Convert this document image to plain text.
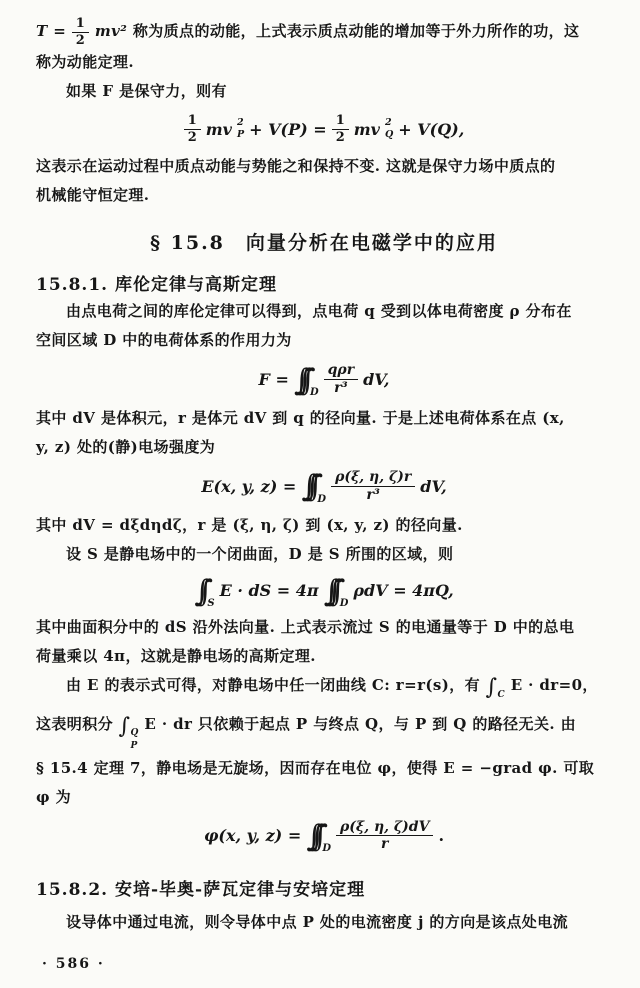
$T = \frac{1}{2} mv^2$ 称为质点的动能，上式表示质点动能的增加等于外力所作的功，这
称为动能定理.
如果 F 是保守力，则有

$\frac{1}{2}$ mv 2
$P + V(P) = \frac{1}{2}$ mv 2
Q + V(Q),

这表示在运动过程中质点动能与势能之和保持不变. 这就是保守力场中质点的
机械能守恒定理.

§ 15.8　向量分析在电磁学中的应用
15.8.1. 库伦定律与高斯定理

由点电荷之间的库伦定律可以得到，点电荷 q 受到以体电荷密度 ρ 分布在
空间区域 D 中的电荷体系的作用力为

F = ∫∫∫ D $\frac{\text{qρr}}{\text{r³}}$ dV,

其中 dV 是体积元，r 是体元 dV 到 q 的径向量. 于是上述电荷体系在点 (x,
y, z) 处的(静)电场强度为

E(x, y, z) = ∫∫∫ D $\frac{\rho(\xi, \eta, \zeta)r}{\text{r³}}$ dV,

其中 dV = dξdηdζ，r 是 (ξ, η, ζ) 到 (x, y, z) 的径向量.
设 S 是静电场中的一个闭曲面，D 是 S 所围的区域，则

∫∫ S
E · dS = 4π ∫∫∫ D
ρdV = 4πQ,

其中曲面积分中的 dS 沿外法向量. 上式表示流过 S 的电通量等于 D 中的总电
荷量乘以 4π，这就是静电场的高斯定理.

由 E 的表示式可得，对静电场中任一闭曲线 C: r=r(s)，有 $\int_C$ E · dr=0，
这表明积分 ∫ Q
P
E · dr 只依赖于起点 P 与终点 Q，与 P 到 Q 的路径无关. 由
§ 15.4 定理 7，静电场是无旋场，因而存在电位 φ，使得 E = −grad φ. 可取
φ 为

φ(x, y, z) = ∫∫∫ D $\frac{\rho(\xi, \eta, \zeta)dV}{r}$ .
15.8.2. 安培-毕奥-萨瓦定律与安培定理

设导体中通过电流，则令导体中点 P 处的电流密度 j 的方向是该点处电流

· 586 ·
